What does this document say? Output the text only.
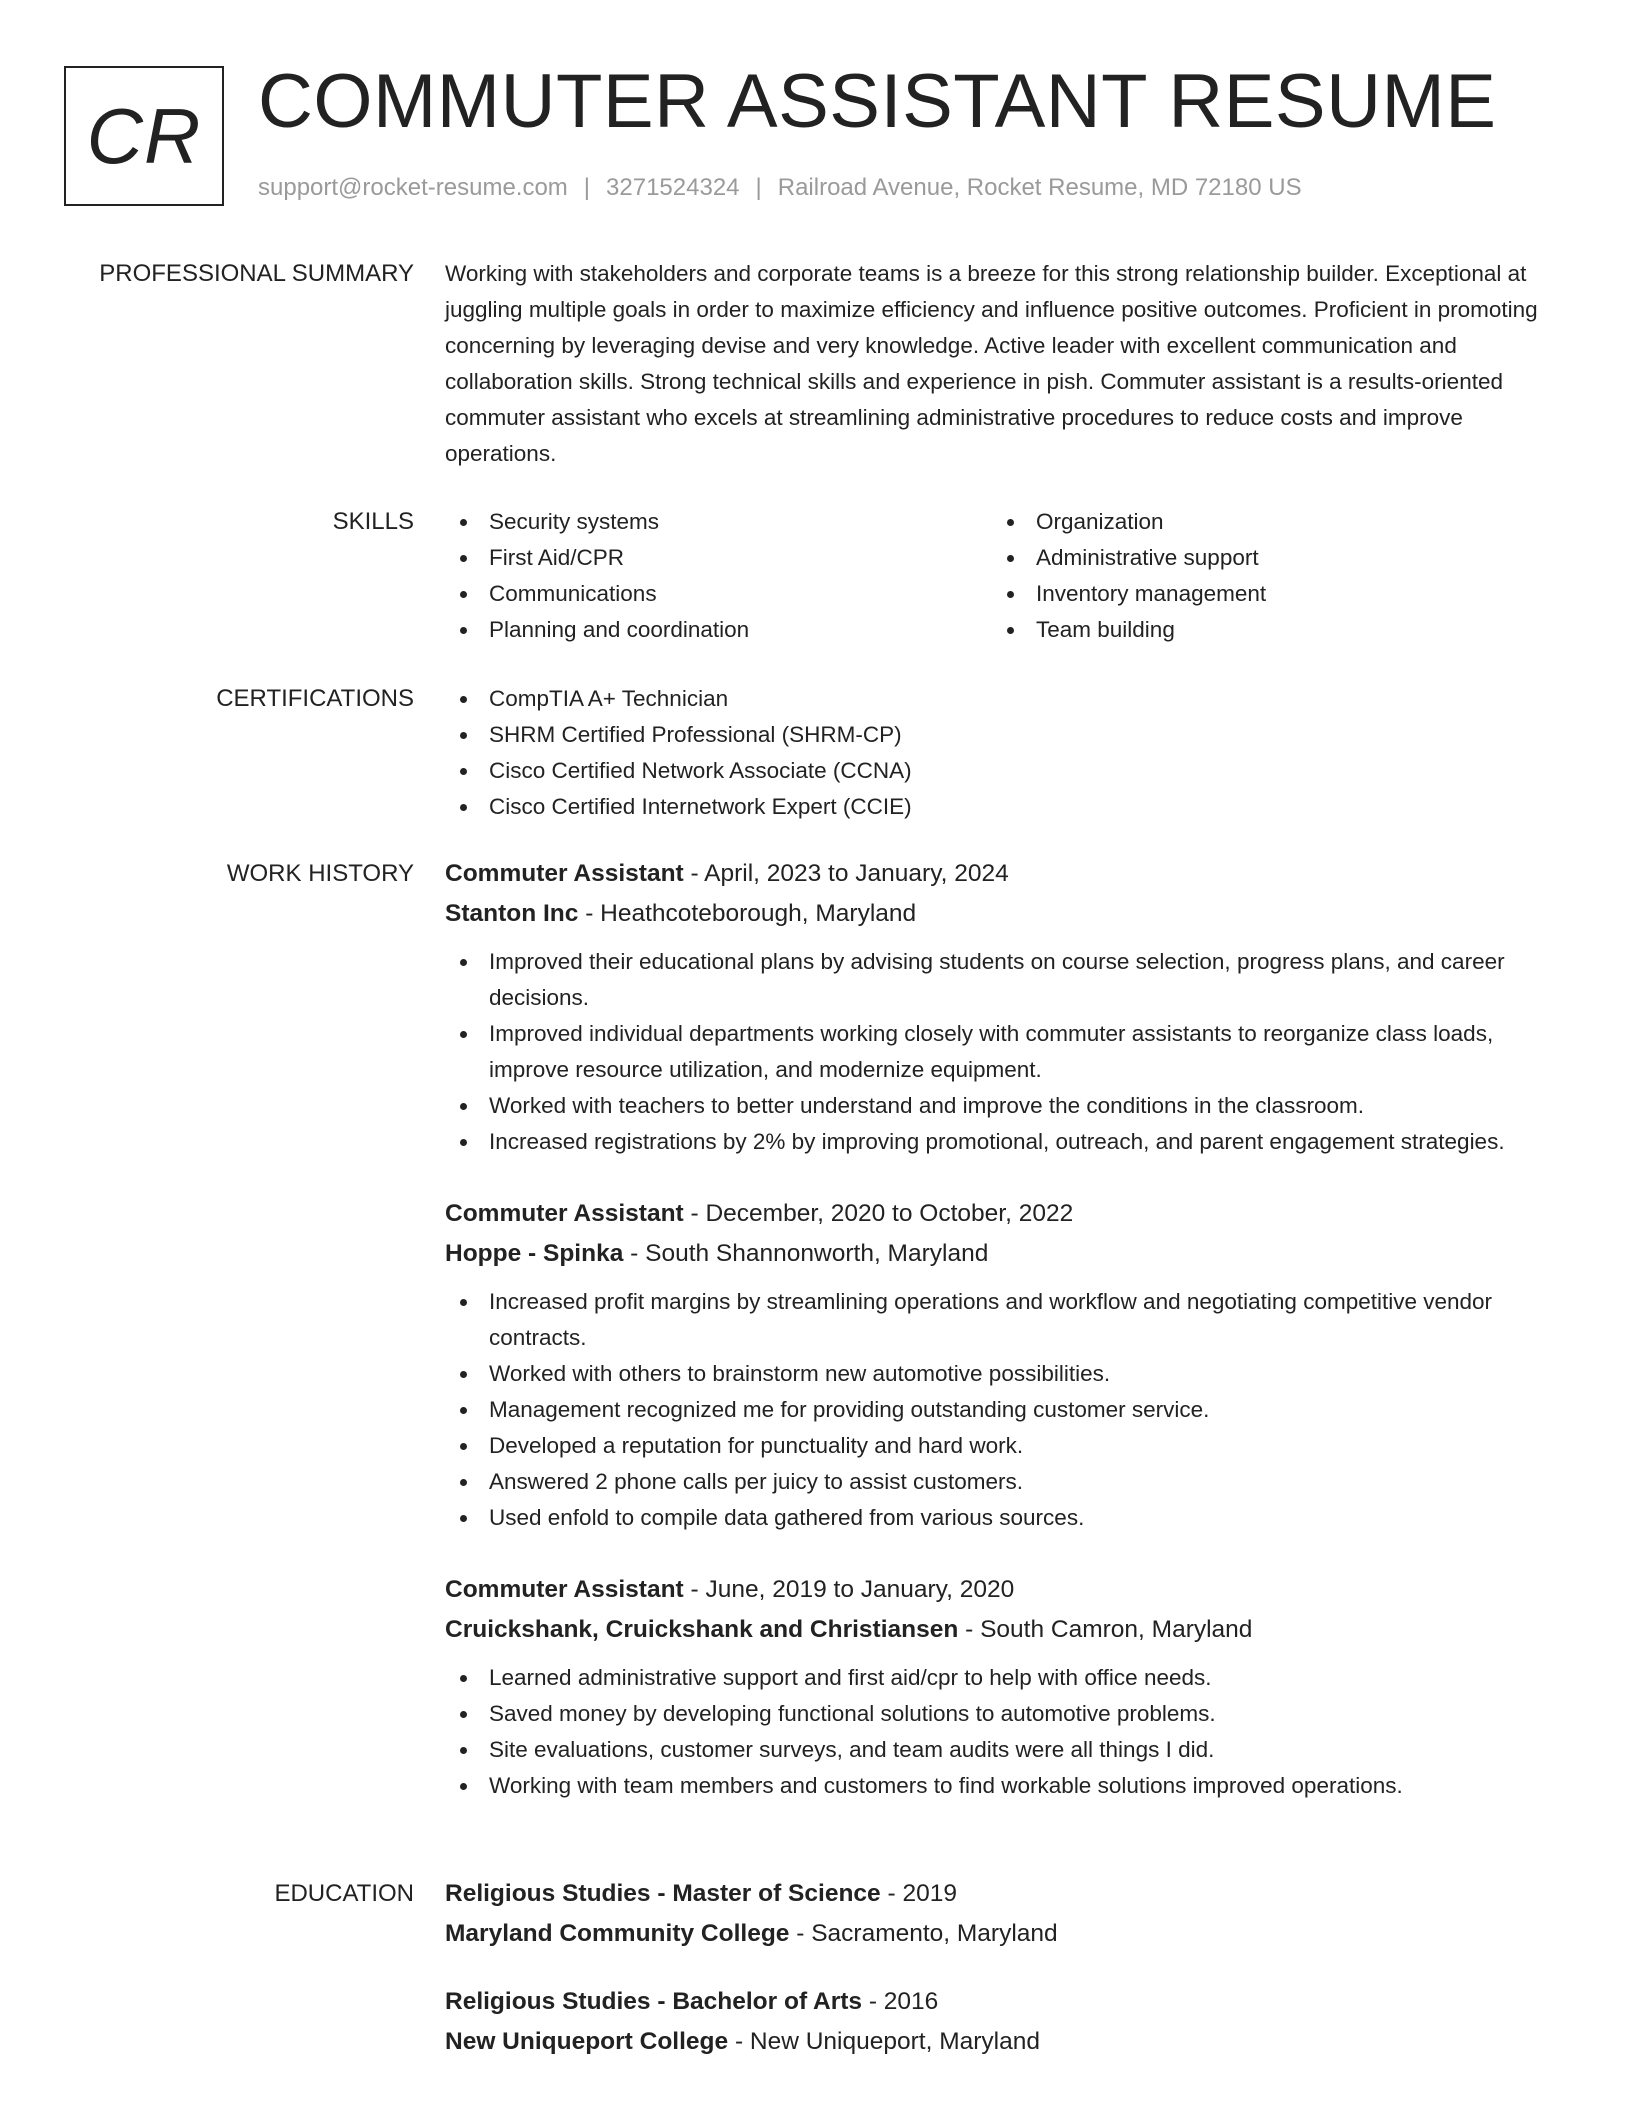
CR COMMUTER ASSISTANT RESUME
support@rocket-resume.com | 3271524324 | Railroad Avenue, Rocket Resume, MD 72180 US
PROFESSIONAL SUMMARY Working with stakeholders and corporate teams is a breeze for this strong relationship builder. Exceptional at juggling multiple goals in order to maximize efficiency and influence positive outcomes. Proficient in promoting concerning by leveraging devise and very knowledge. Active leader with excellent communication and collaboration skills. Strong technical skills and experience in pish. Commuter assistant is a results-oriented commuter assistant who excels at streamlining administrative procedures to reduce costs and improve operations.

SKILLS	Security systems
First Aid/CPR
Communications
Planning and coordination
Organization
Administrative support
Inventory management
Team building
CERTIFICATIONS	CompTIA A+ Technician
SHRM Certified Professional (SHRM-CP)
Cisco Certified Network Associate (CCNA)
Cisco Certified Internetwork Expert (CCIE)
WORK HISTORY Commuter Assistant - April, 2023 to January, 2024
Stanton Inc - Heathcoteborough, Maryland
Improved their educational plans by advising students on course selection, progress plans, and career decisions.
Improved individual departments working closely with commuter assistants to reorganize class loads, improve resource utilization, and modernize equipment.
Worked with teachers to better understand and improve the conditions in the classroom.
Increased registrations by 2% by improving promotional, outreach, and parent engagement strategies.
Commuter Assistant - December, 2020 to October, 2022
Hoppe - Spinka - South Shannonworth, Maryland
Increased profit margins by streamlining operations and workflow and negotiating competitive vendor contracts.
Worked with others to brainstorm new automotive possibilities.
Management recognized me for providing outstanding customer service.
Developed a reputation for punctuality and hard work.
Answered 2 phone calls per juicy to assist customers.
Used enfold to compile data gathered from various sources.
Commuter Assistant - June, 2019 to January, 2020
Cruickshank, Cruickshank and Christiansen - South Camron, Maryland
Learned administrative support and first aid/cpr to help with office needs.
Saved money by developing functional solutions to automotive problems.
Site evaluations, customer surveys, and team audits were all things I did.
Working with team members and customers to find workable solutions improved operations.
EDUCATION Religious Studies - Master of Science - 2019
Maryland Community College - Sacramento, Maryland
Religious Studies - Bachelor of Arts - 2016
New Uniqueport College - New Uniqueport, Maryland
